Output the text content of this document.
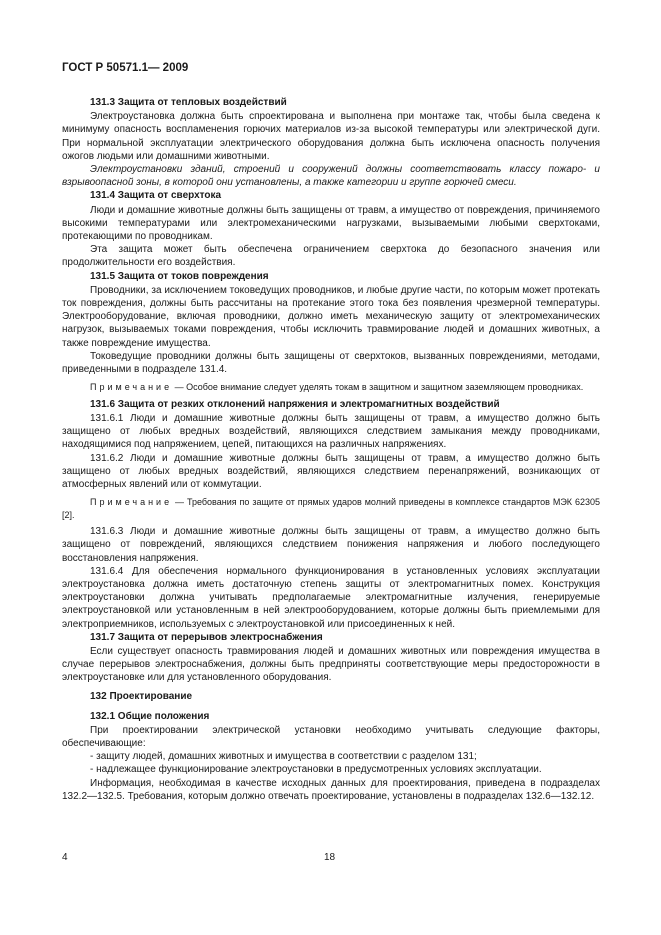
ГОСТ Р 50571.1— 2009
131.3 Защита от тепловых воздействий

Электроустановка должна быть спроектирована и выполнена при монтаже так, чтобы была сведена к минимуму опасность воспламенения горючих материалов из-за высокой температуры или электрической дуги. При нормальной эксплуатации электрического оборудования должна быть исключена опасность получения ожогов людьми или домашними животными.

Электроустановки зданий, строений и сооружений должны соответствовать классу пожаро- и взрывоопасной зоны, в которой они установлены, а также категории и группе горючей смеси.

131.4 Защита от сверхтока

Люди и домашние животные должны быть защищены от травм, а имущество от повреждения, причиняемого высокими температурами или электромеханическими нагрузками, вызываемыми любыми сверхтоками, протекающими по проводникам.

Эта защита может быть обеспечена ограничением сверхтока до безопасного значения или продолжительности его воздействия.

131.5 Защита от токов повреждения

Проводники, за исключением токоведущих проводников, и любые другие части, по которым может протекать ток повреждения, должны быть рассчитаны на протекание этого тока без появления чрезмерной температуры. Электрооборудование, включая проводники, должно иметь механическую защиту от электромеханических нагрузок, вызываемых токами повреждения, чтобы исключить травмирование людей и домашних животных, а также повреждение имущества.

Токоведущие проводники должны быть защищены от сверхтоков, вызванных повреждениями, методами, приведенными в подразделе 131.4.

Примечание — Особое внимание следует уделять токам в защитном и защитном заземляющем проводниках.

131.6 Защита от резких отклонений напряжения и электромагнитных воздействий

131.6.1 Люди и домашние животные должны быть защищены от травм, а имущество должно быть защищено от любых вредных воздействий, являющихся следствием замыкания между проводниками, находящимися под напряжением, цепей, питающихся на различных напряжениях.

131.6.2 Люди и домашние животные должны быть защищены от травм, а имущество должно быть защищено от любых вредных воздействий, являющихся следствием перенапряжений, возникающих от атмосферных явлений или от коммутации.

Примечание — Требования по защите от прямых ударов молний приведены в комплексе стандартов МЭК 62305 [2].

131.6.3 Люди и домашние животные должны быть защищены от травм, а имущество должно быть защищено от повреждений, являющихся следствием понижения напряжения и любого последующего восстановления напряжения.

131.6.4 Для обеспечения нормального функционирования в установленных условиях эксплуатации электроустановка должна иметь достаточную степень защиты от электромагнитных помех. Конструкция электроустановки должна учитывать предполагаемые электромагнитные излучения, генерируемые электроустановкой или установленным в ней электрооборудованием, которые должны быть приемлемыми для электроприемников, используемых с электроустановкой или присоединенных к ней.

131.7 Защита от перерывов электроснабжения

Если существует опасность травмирования людей и домашних животных или повреждения имущества в случае перерывов электроснабжения, должны быть предприняты соответствующие меры предосторожности в электроустановке или для установленного оборудования.

132 Проектирование
132.1 Общие положения

При проектировании электрической установки необходимо учитывать следующие факторы, обеспечивающие:

- защиту людей, домашних животных и имущества в соответствии с разделом 131;

- надлежащее функционирование электроустановки в предусмотренных условиях эксплуатации.

Информация, необходимая в качестве исходных данных для проектирования, приведена в подразделах 132.2—132.5. Требования, которым должно отвечать проектирование, установлены в подразделах 132.6—132.12.

4	18
